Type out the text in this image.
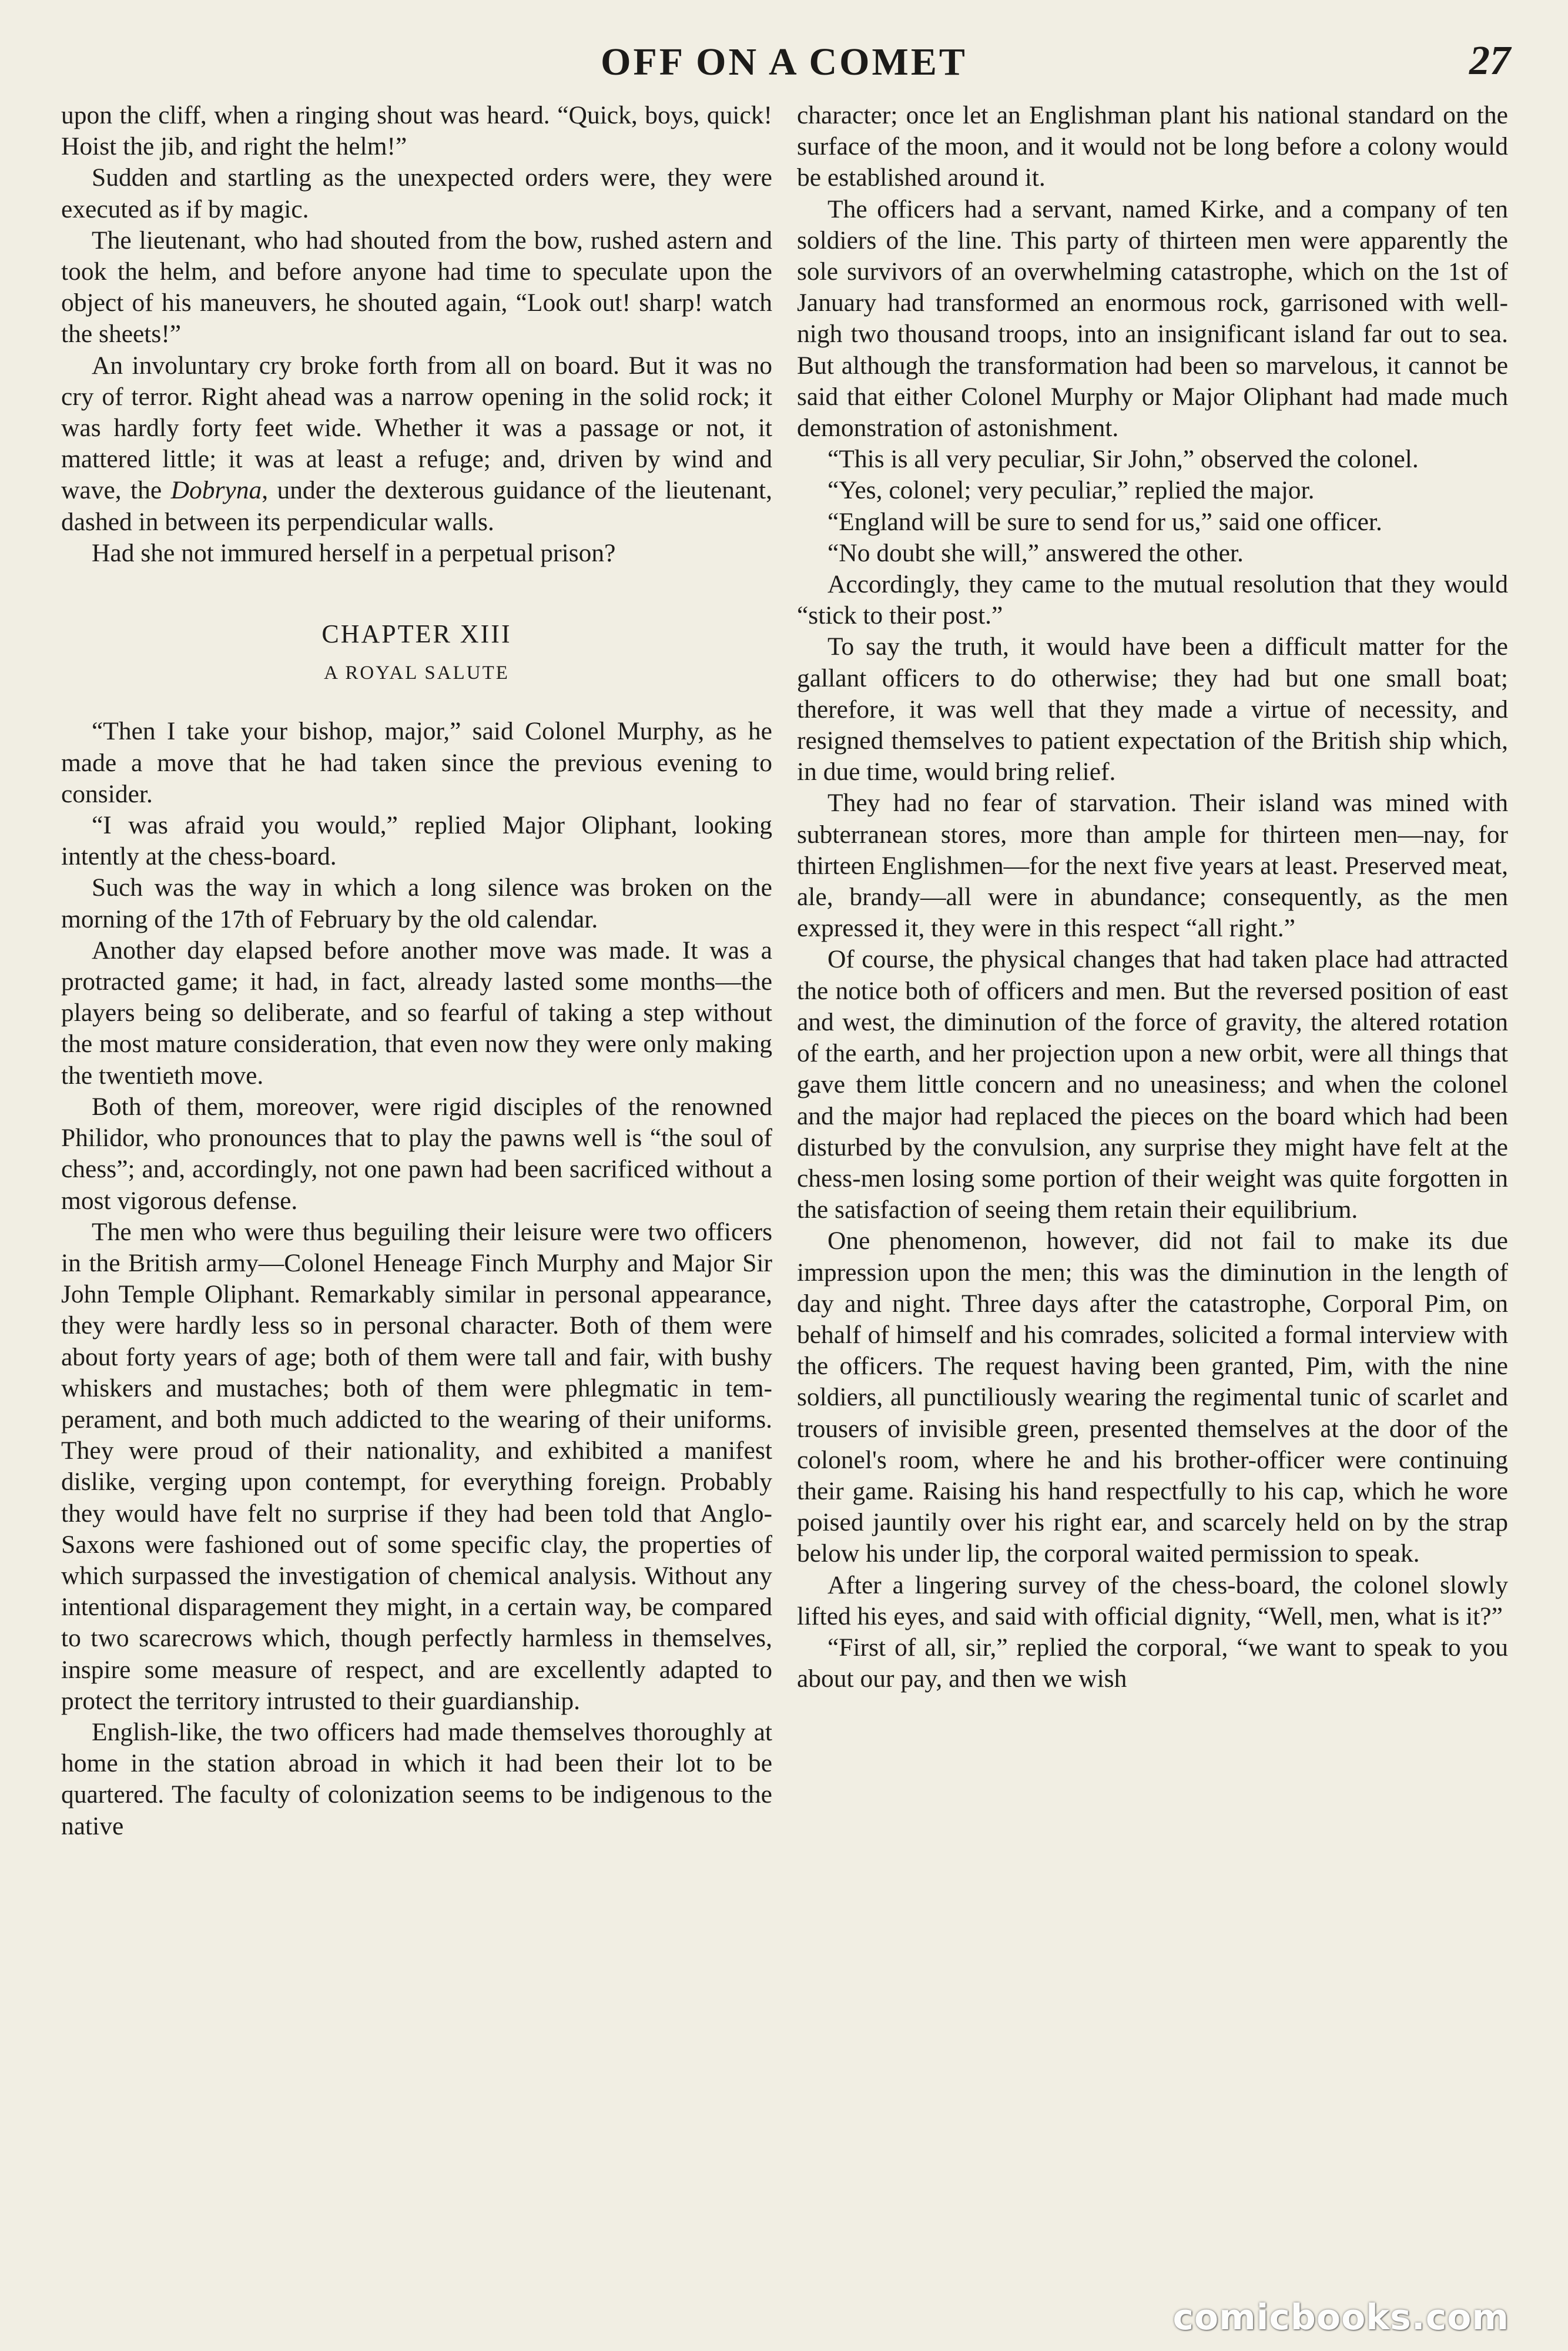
OFF ON A COMET	27

upon the cliff, when a ringing shout was heard. “Quick, boys, quick! Hoist the jib, and right the helm!”

Sudden and startling as the unexpected orders were, they were executed as if by magic.

The lieutenant, who had shouted from the bow, rushed astern and took the helm, and before anyone had time to speculate upon the object of his maneuvers, he shouted again, “Look out! sharp! watch the sheets!”

An involuntary cry broke forth from all on board. But it was no cry of terror. Right ahead was a narrow opening in the solid rock; it was hardly forty feet wide. Whether it was a passage or not, it mattered little; it was at least a refuge; and, driven by wind and wave, the Dobryna, under the dexterous guidance of the lieutenant, dashed in between its perpendicular walls.

Had she not immured herself in a perpetual prison?

CHAPTER XIII
A ROYAL SALUTE

“Then I take your bishop, major,” said Colonel Murphy, as he made a move that he had taken since the previous evening to consider.

“I was afraid you would,” replied Major Oliphant, looking intently at the chess-board.

Such was the way in which a long silence was broken on the morning of the 17th of February by the old calendar.

Another day elapsed before another move was made. It was a protracted game; it had, in fact, already lasted some months—the players being so deliberate, and so fearful of taking a step without the most mature consideration, that even now they were only making the twentieth move.

Both of them, moreover, were rigid disciples of the renowned Philidor, who pronounces that to play the pawns well is “the soul of chess”; and, accordingly, not one pawn had been sacrificed without a most vigorous defense.

The men who were thus beguiling their leisure were two officers in the British army—Colonel Heneage Finch Murphy and Major Sir John Temple Oliphant. Remarkably similar in personal appearance, they were hardly less so in personal character. Both of them were about forty years of age; both of them were tall and fair, with bushy whiskers and mustaches; both of them were phlegmatic in temperament, and both much addicted to the wearing of their uniforms. They were proud of their nationality, and exhibited a manifest dislike, verging upon contempt, for everything foreign. Probably they would have felt no surprise if they had been told that Anglo-Saxons were fashioned out of some specific clay, the properties of which surpassed the investigation of chemical analysis. Without any intentional disparagement they might, in a certain way, be compared to two scarecrows which, though perfectly harmless in themselves, inspire some measure of respect, and are excellently adapted to protect the territory intrusted to their guardianship.

English-like, the two officers had made themselves thoroughly at home in the station abroad in which it had been their lot to be quartered. The faculty of colonization seems to be indigenous to the native

character; once let an Englishman plant his national standard on the surface of the moon, and it would not be long before a colony would be established around it.

The officers had a servant, named Kirke, and a company of ten soldiers of the line. This party of thirteen men were apparently the sole survivors of an overwhelming catastrophe, which on the 1st of January had transformed an enormous rock, garrisoned with well-nigh two thousand troops, into an insignificant island far out to sea. But although the transformation had been so marvelous, it cannot be said that either Colonel Murphy or Major Oliphant had made much demonstration of astonishment.

“This is all very peculiar, Sir John,” observed the colonel.

“Yes, colonel; very peculiar,” replied the major.

“England will be sure to send for us,” said one officer.

“No doubt she will,” answered the other.

Accordingly, they came to the mutual resolution that they would “stick to their post.”

To say the truth, it would have been a difficult matter for the gallant officers to do otherwise; they had but one small boat; therefore, it was well that they made a virtue of necessity, and resigned themselves to patient expectation of the British ship which, in due time, would bring relief.

They had no fear of starvation. Their island was mined with subterranean stores, more than ample for thirteen men—nay, for thirteen Englishmen—for the next five years at least. Preserved meat, ale, brandy—all were in abundance; consequently, as the men expressed it, they were in this respect “all right.”

Of course, the physical changes that had taken place had attracted the notice both of officers and men. But the reversed position of east and west, the diminution of the force of gravity, the altered rotation of the earth, and her projection upon a new orbit, were all things that gave them little concern and no uneasiness; and when the colonel and the major had replaced the pieces on the board which had been disturbed by the convulsion, any surprise they might have felt at the chess-men losing some portion of their weight was quite forgotten in the satisfaction of seeing them retain their equilibrium.

One phenomenon, however, did not fail to make its due impression upon the men; this was the diminution in the length of day and night. Three days after the catastrophe, Corporal Pim, on behalf of himself and his comrades, solicited a formal interview with the officers. The request having been granted, Pim, with the nine soldiers, all punctiliously wearing the regimental tunic of scarlet and trousers of invisible green, presented themselves at the door of the colonel's room, where he and his brother-officer were continuing their game. Raising his hand respectfully to his cap, which he wore poised jauntily over his right ear, and scarcely held on by the strap below his under lip, the corporal waited permission to speak.

After a lingering survey of the chess-board, the colonel slowly lifted his eyes, and said with official dignity, “Well, men, what is it?”

“First of all, sir,” replied the corporal, “we want to speak to you about our pay, and then we wish

comicbooks.com
